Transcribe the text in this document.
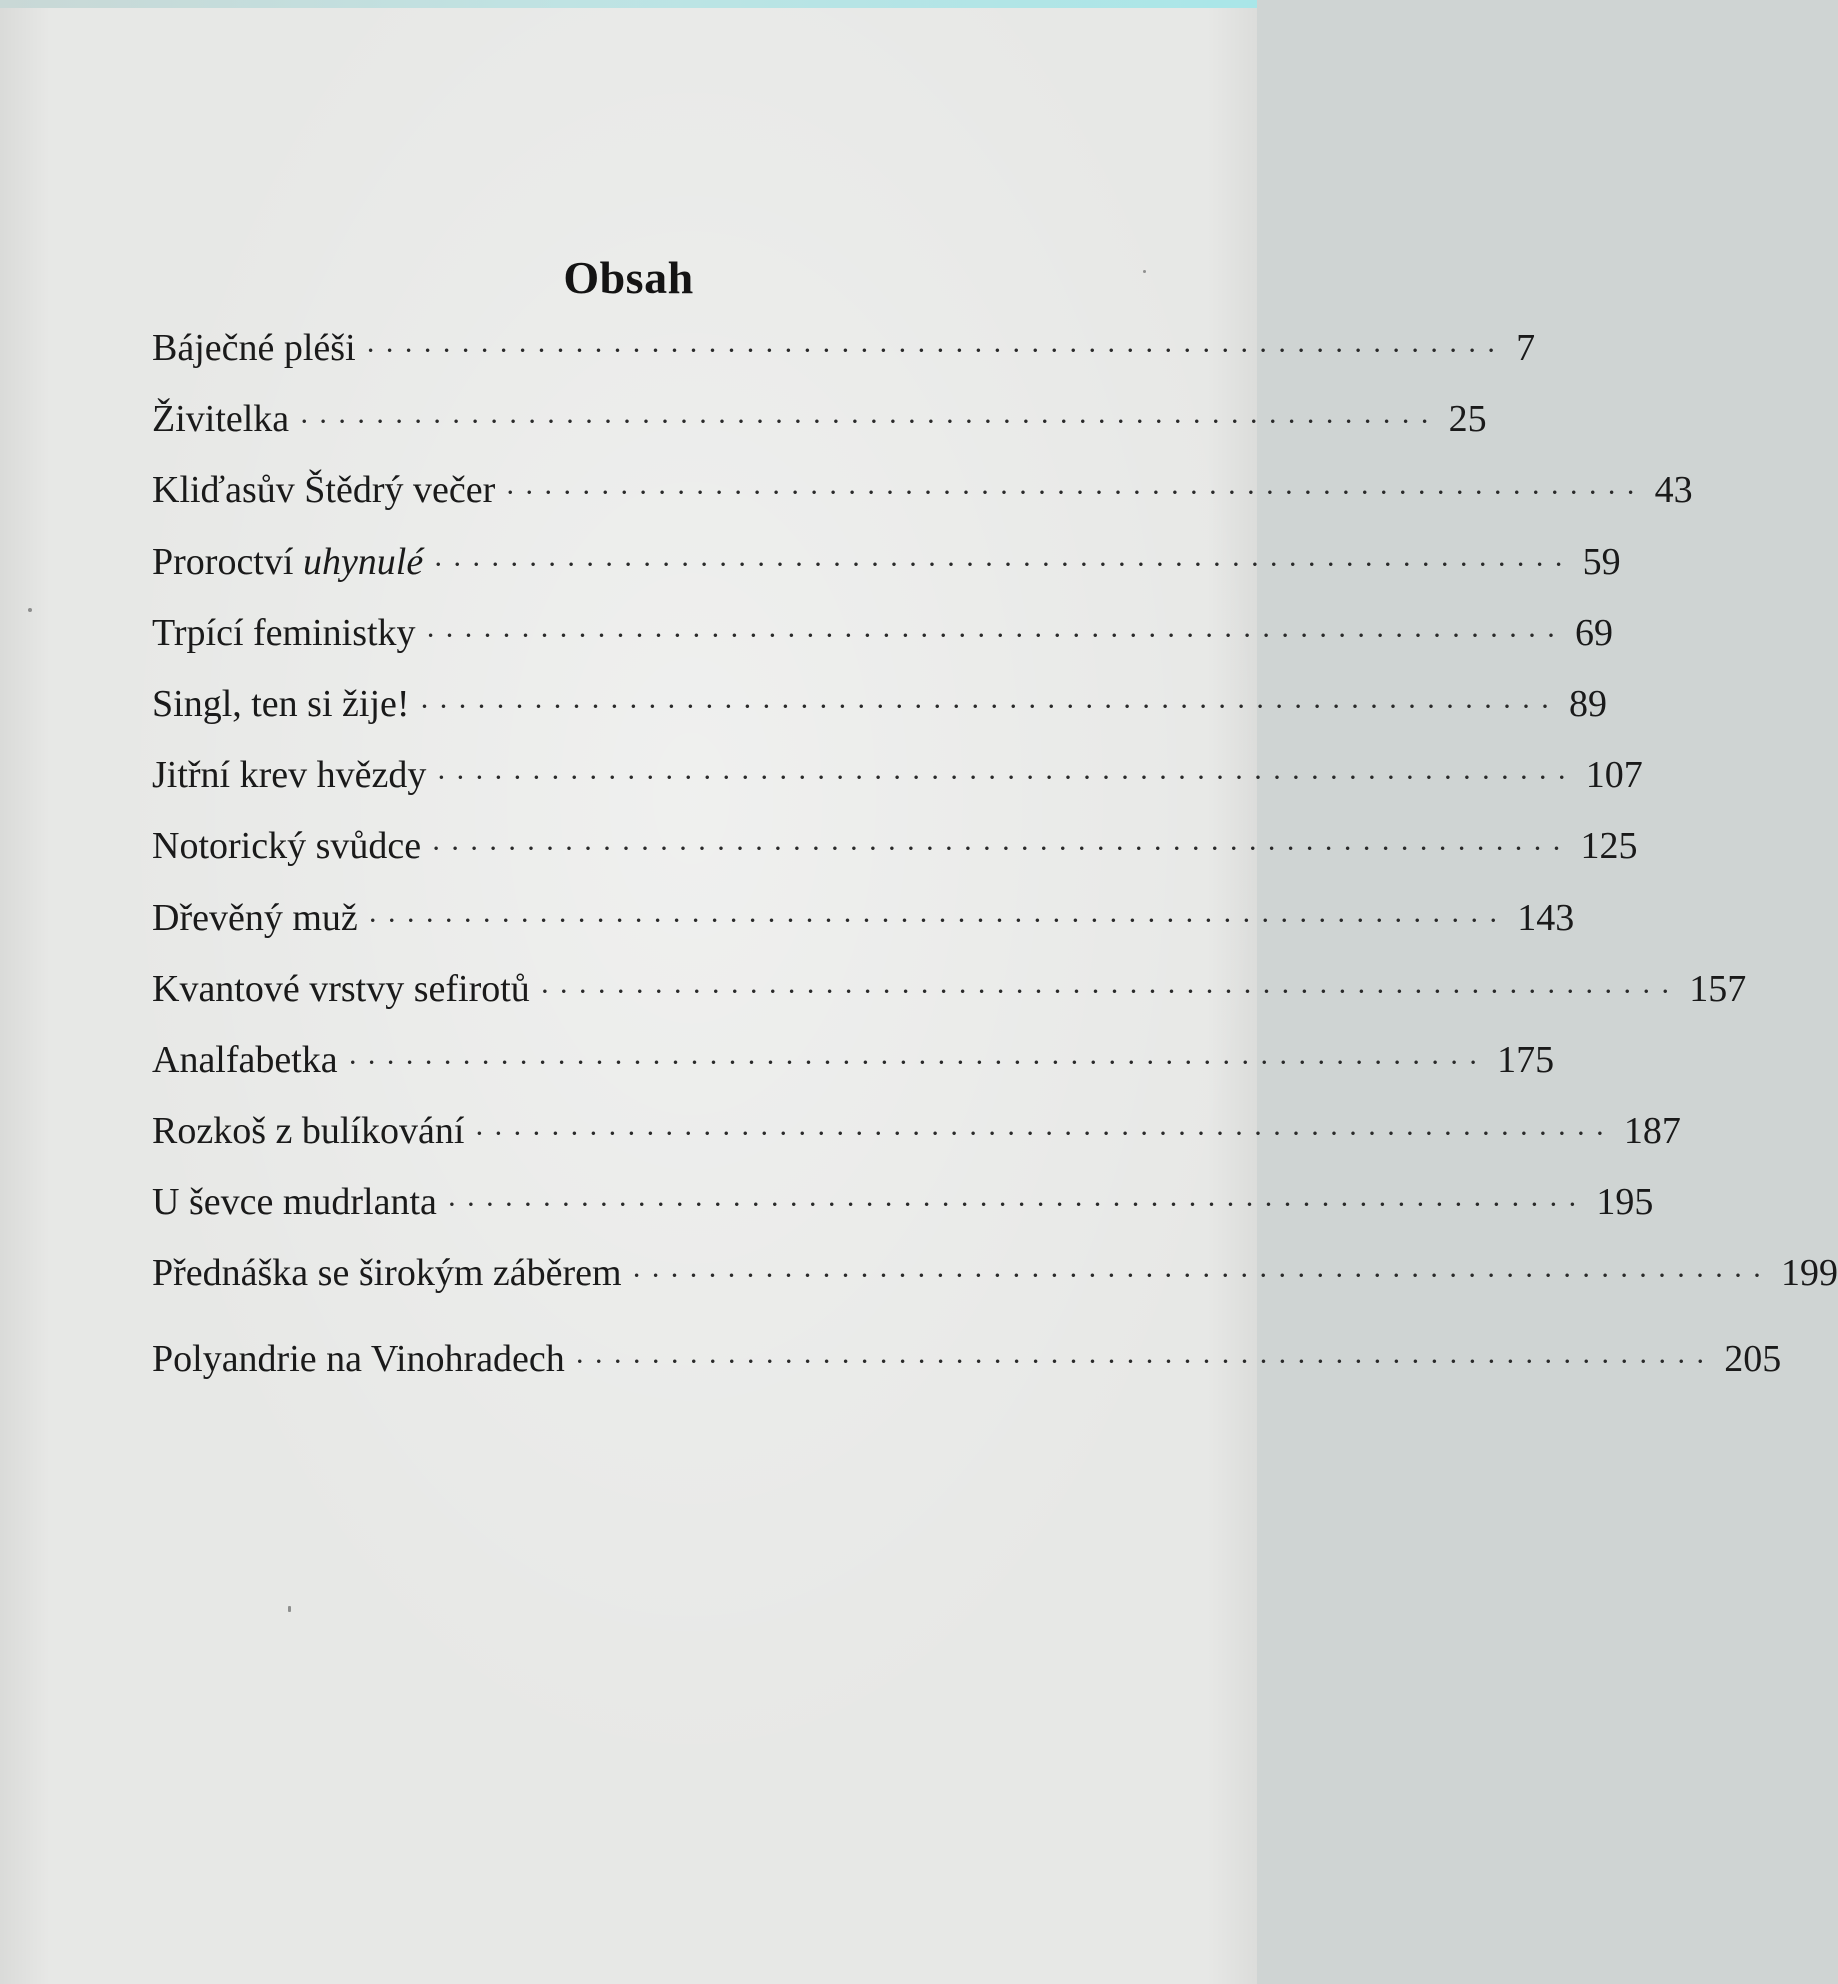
Obsah
Báječné pléši ···························································· 7
Živitelka ···························································· 25
Kliďasův Štědrý večer ···························································· 43
Proroctví uhynulé ···························································· 59
Trpící feministky ···························································· 69
Singl, ten si žije! ···························································· 89
Jitřní krev hvězdy ···························································· 107
Notorický svůdce ···························································· 125
Dřevěný muž ···························································· 143
Kvantové vrstvy sefirotů ···························································· 157
Analfabetka ···························································· 175
Rozkoš z bulíkování ···························································· 187
U ševce mudrlanta ···························································· 195
Přednáška se širokým záběrem ···························································· 199
Polyandrie na Vinohradech ···························································· 205
